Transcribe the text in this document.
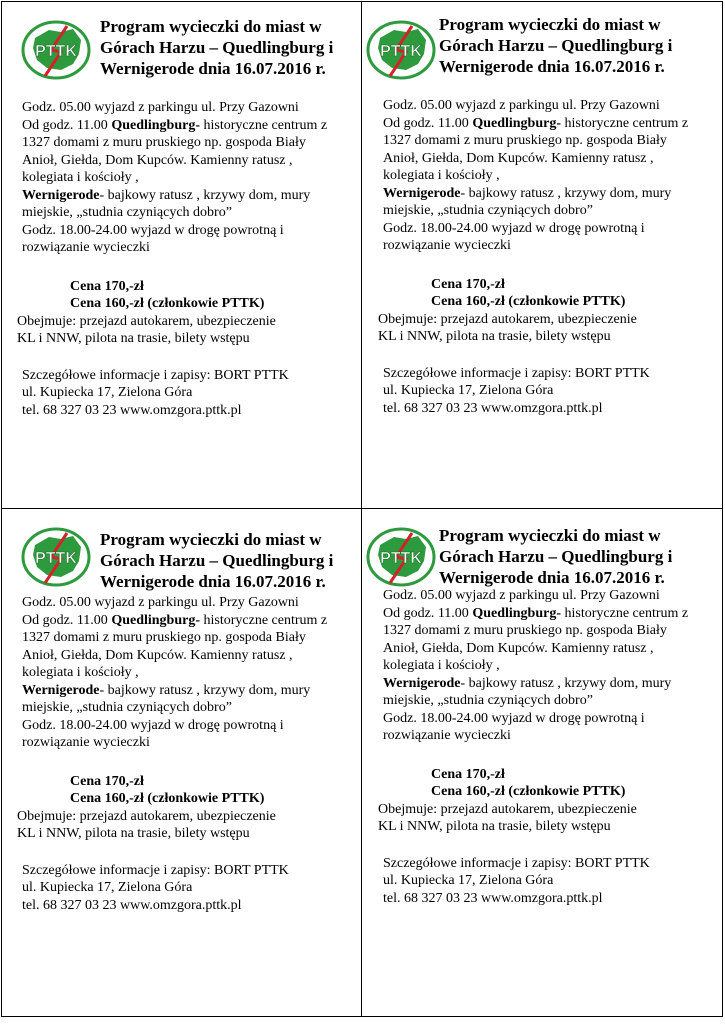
PTTK
Program wycieczki do miast w
Górach Harzu – Quedlingburg i
Wernigerode dnia 16.07.2016 r.
Godz. 05.00 wyjazd z parkingu ul. Przy Gazowni
Od godz. 11.00 Quedlingburg- historyczne centrum z
1327 domami z muru pruskiego np. gospoda Biały
Anioł, Giełda, Dom Kupców. Kamienny ratusz ,
kolegiata i kościoły ,
Wernigerode- bajkowy ratusz , krzywy dom, mury
miejskie, „studnia czyniących dobro”
Godz. 18.00-24.00 wyjazd w drogę powrotną i
rozwiązanie wycieczki
Cena 170,-zł
Cena 160,-zł (członkowie PTTK)
Obejmuje: przejazd autokarem, ubezpieczenie
KL i NNW, pilota na trasie, bilety wstępu
Szczegółowe informacje i zapisy: BORT PTTK
ul. Kupiecka 17, Zielona Góra
tel. 68 327 03 23 www.omzgora.pttk.pl
PTTK
Program wycieczki do miast w
Górach Harzu – Quedlingburg i
Wernigerode dnia 16.07.2016 r.
Godz. 05.00 wyjazd z parkingu ul. Przy Gazowni
Od godz. 11.00 Quedlingburg- historyczne centrum z
1327 domami z muru pruskiego np. gospoda Biały
Anioł, Giełda, Dom Kupców. Kamienny ratusz ,
kolegiata i kościoły ,
Wernigerode- bajkowy ratusz , krzywy dom, mury
miejskie, „studnia czyniących dobro”
Godz. 18.00-24.00 wyjazd w drogę powrotną i
rozwiązanie wycieczki
Cena 170,-zł
Cena 160,-zł (członkowie PTTK)
Obejmuje: przejazd autokarem, ubezpieczenie
KL i NNW, pilota na trasie, bilety wstępu
Szczegółowe informacje i zapisy: BORT PTTK
ul. Kupiecka 17, Zielona Góra
tel. 68 327 03 23 www.omzgora.pttk.pl
PTTK
Program wycieczki do miast w
Górach Harzu – Quedlingburg i
Wernigerode dnia 16.07.2016 r.
Godz. 05.00 wyjazd z parkingu ul. Przy Gazowni
Od godz. 11.00 Quedlingburg- historyczne centrum z
1327 domami z muru pruskiego np. gospoda Biały
Anioł, Giełda, Dom Kupców. Kamienny ratusz ,
kolegiata i kościoły ,
Wernigerode- bajkowy ratusz , krzywy dom, mury
miejskie, „studnia czyniących dobro”
Godz. 18.00-24.00 wyjazd w drogę powrotną i
rozwiązanie wycieczki
Cena 170,-zł
Cena 160,-zł (członkowie PTTK)
Obejmuje: przejazd autokarem, ubezpieczenie
KL i NNW, pilota na trasie, bilety wstępu
Szczegółowe informacje i zapisy: BORT PTTK
ul. Kupiecka 17, Zielona Góra
tel. 68 327 03 23 www.omzgora.pttk.pl
PTTK
Program wycieczki do miast w
Górach Harzu – Quedlingburg i
Wernigerode dnia 16.07.2016 r.
Godz. 05.00 wyjazd z parkingu ul. Przy Gazowni
Od godz. 11.00 Quedlingburg- historyczne centrum z
1327 domami z muru pruskiego np. gospoda Biały
Anioł, Giełda, Dom Kupców. Kamienny ratusz ,
kolegiata i kościoły ,
Wernigerode- bajkowy ratusz , krzywy dom, mury
miejskie, „studnia czyniących dobro”
Godz. 18.00-24.00 wyjazd w drogę powrotną i
rozwiązanie wycieczki
Cena 170,-zł
Cena 160,-zł (członkowie PTTK)
Obejmuje: przejazd autokarem, ubezpieczenie
KL i NNW, pilota na trasie, bilety wstępu
Szczegółowe informacje i zapisy: BORT PTTK
ul. Kupiecka 17, Zielona Góra
tel. 68 327 03 23 www.omzgora.pttk.pl
